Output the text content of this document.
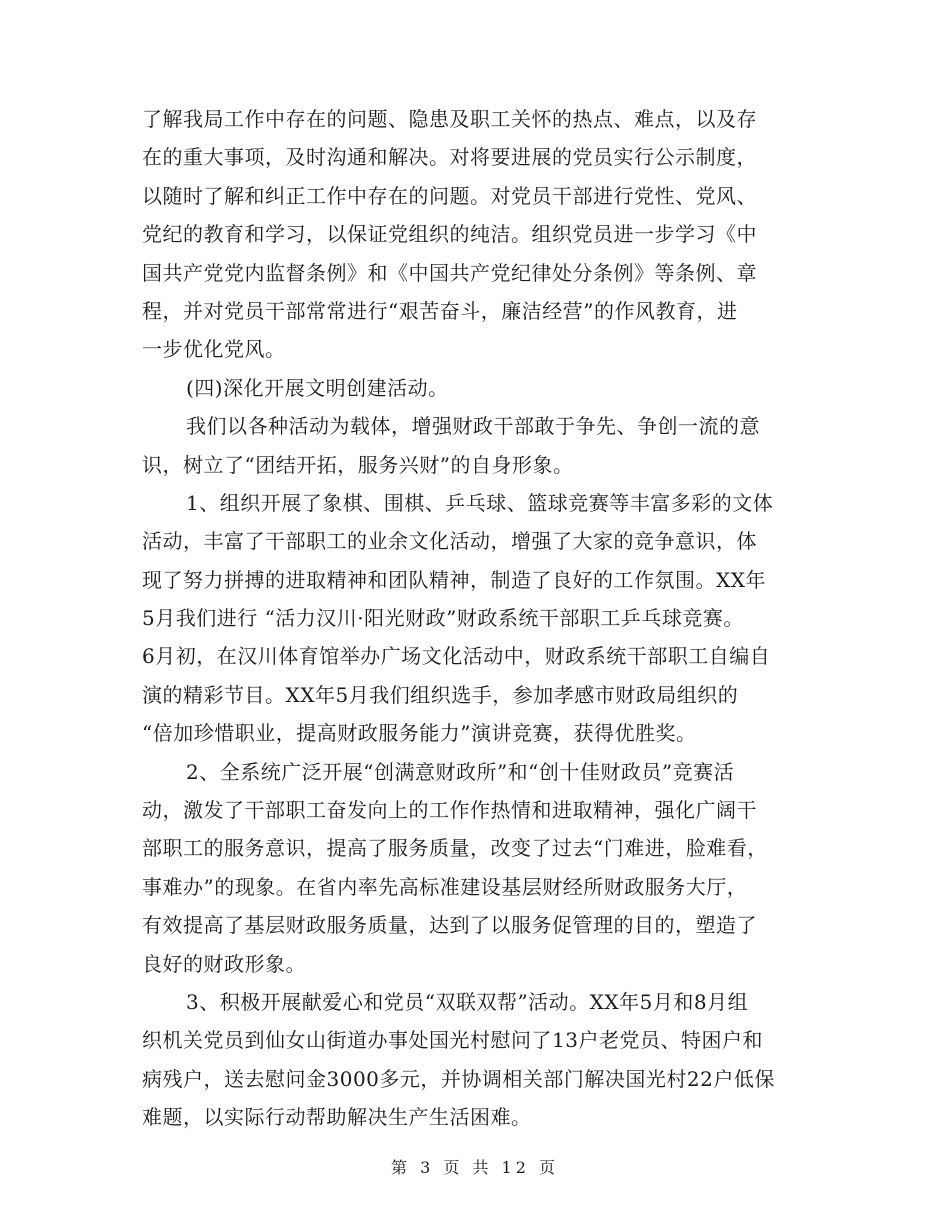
了解我局工作中存在的问题、隐患及职工关怀的热点、难点，以及存
在的重大事项，及时沟通和解决。对将要进展的党员实行公示制度，
以随时了解和纠正工作中存在的问题。对党员干部进行党性、党风、
党纪的教育和学习，以保证党组织的纯洁。组织党员进一步学习《中
国共产党党内监督条例》和《中国共产党纪律处分条例》等条例、章
程，并对党员干部常常进行“艰苦奋斗，廉洁经营”的作风教育，进
一步优化党风。
(四)深化开展文明创建活动。
我们以各种活动为载体，增强财政干部敢于争先、争创一流的意
识，树立了“团结开拓，服务兴财”的自身形象。
1、组织开展了象棋、围棋、乒乓球、篮球竞赛等丰富多彩的文体
活动，丰富了干部职工的业余文化活动，增强了大家的竞争意识，体
现了努力拼搏的进取精神和团队精神，制造了良好的工作氛围。XX年
5月我们进行 “活力汉川·阳光财政”财政系统干部职工乒乓球竞赛。
6月初，在汉川体育馆举办广场文化活动中，财政系统干部职工自编自
演的精彩节目。XX年5月我们组织选手，参加孝感市财政局组织的
“倍加珍惜职业，提高财政服务能力”演讲竞赛，获得优胜奖。
2、全系统广泛开展“创满意财政所”和“创十佳财政员”竞赛活
动，激发了干部职工奋发向上的工作作热情和进取精神，强化广阔干
部职工的服务意识，提高了服务质量，改变了过去“门难进，脸难看，
事难办”的现象。在省内率先高标准建设基层财经所财政服务大厅，
有效提高了基层财政服务质量，达到了以服务促管理的目的，塑造了
良好的财政形象。
3、积极开展献爱心和党员“双联双帮”活动。XX年5月和8月组
织机关党员到仙女山街道办事处国光村慰问了13户老党员、特困户和
病残户，送去慰问金3000多元，并协调相关部门解决国光村22户低保
难题，以实际行动帮助解决生产生活困难。
第 3 页 共 12 页
